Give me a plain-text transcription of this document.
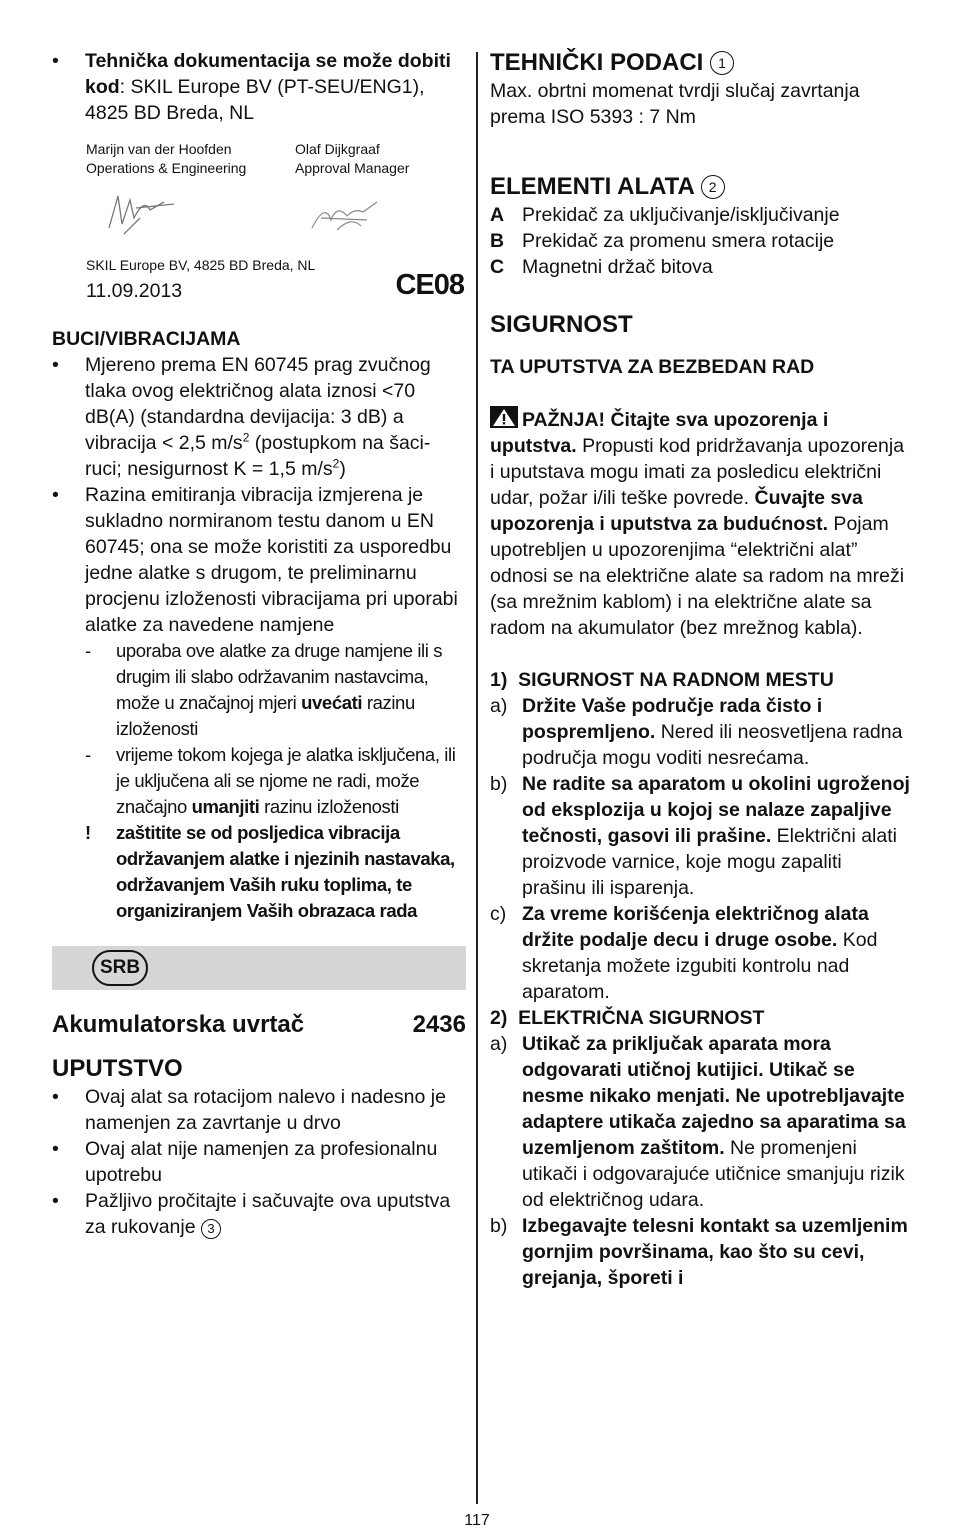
• Tehnička dokumentacija se može dobiti kod: SKIL Europe BV (PT-SEU/ENG1), 4825 BD Breda, NL
Marijn van der Hoofden
Operations & Engineering
Olaf Dijkgraaf
Approval Manager
SKIL Europe BV, 4825 BD Breda, NL
11.09.2013	CE08
BUCI/VIBRACIJAMA
• Mjereno prema EN 60745 prag zvučnog tlaka ovog električnog alata iznosi <70 dB(A) (standardna devijacija: 3 dB) a vibracija < 2,5 $m/s^2$ (postupkom na šaci-ruci; nesigurnost K = 1,5 $m/s^2$)
• Razina emitiranja vibracija izmjerena je sukladno normiranom testu danom u EN 60745; ona se može koristiti za usporedbu jedne alatke s drugom, te preliminarnu procjenu izloženosti vibracijama pri uporabi alatke za navedene namjene
- uporaba ove alatke za druge namjene ili s drugim ili slabo održavanim nastavcima, može u značajnoj mjeri uvećati razinu izloženosti
- vrijeme tokom kojega je alatka isključena, ili je uključena ali se njome ne radi, može značajno umanjiti razinu izloženosti
! zaštitite se od posljedica vibracija održavanjem alatke i njezinih nastavaka, održavanjem Vaših ruku toplima, te organiziranjem Vaših obrazaca rada
SRB
Akumulatorska uvrtač	2436
UPUTSTVO
• Ovaj alat sa rotacijom nalevo i nadesno je namenjen za zavrtanje u drvo
• Ovaj alat nije namenjen za profesionalnu upotrebu
• Pažljivo pročitajte i sačuvajte ova uputstva za rukovanje 3
TEHNIČKI PODACI 1
Max. obrtni momenat tvrdji slučaj zavrtanja prema ISO 5393 : 7 Nm
ELEMENTI ALATA 2
A Prekidač za uključivanje/isključivanje
B Prekidač za promenu smera rotacije
C Magnetni držač bitova
SIGURNOST
TA UPUTSTVA ZA BEZBEDAN RAD
PAŽNJA! Čitajte sva upozorenja i uputstva. Propusti kod pridržavanja upozorenja i uputstava mogu imati za posledicu električni udar, požar i/ili teške povrede. Čuvajte sva upozorenja i uputstva za budućnost. Pojam upotrebljen u upozorenjima “električni alat” odnosi se na električne alate sa radom na mreži (sa mrežnim kablom) i na električne alate sa radom na akumulator (bez mrežnog kabla).
1)  SIGURNOST NA RADNOM MESTU
a) Držite Vaše područje rada čisto i pospremljeno. Nered ili neosvetljena radna područja mogu voditi nesrećama.
b) Ne radite sa aparatom u okolini ugroženoj od eksplozija u kojoj se nalaze zapaljive tečnosti, gasovi ili prašine. Električni alati proizvode varnice, koje mogu zapaliti prašinu ili isparenja.
c) Za vreme korišćenja električnog alata držite podalje decu i druge osobe. Kod skretanja možete izgubiti kontrolu nad aparatom.
2)  ELEKTRIČNA SIGURNOST
a) Utikač za priključak aparata mora odgovarati utičnoj kutijici. Utikač se nesme nikako menjati. Ne upotrebljavajte adaptere utikača zajedno sa aparatima sa uzemljenom zaštitom. Ne promenjeni utikači i odgovarajuće utičnice smanjuju rizik od električnog udara.
b) Izbegavajte telesni kontakt sa uzemljenim gornjim površinama, kao što su cevi, grejanja, šporeti i
117
